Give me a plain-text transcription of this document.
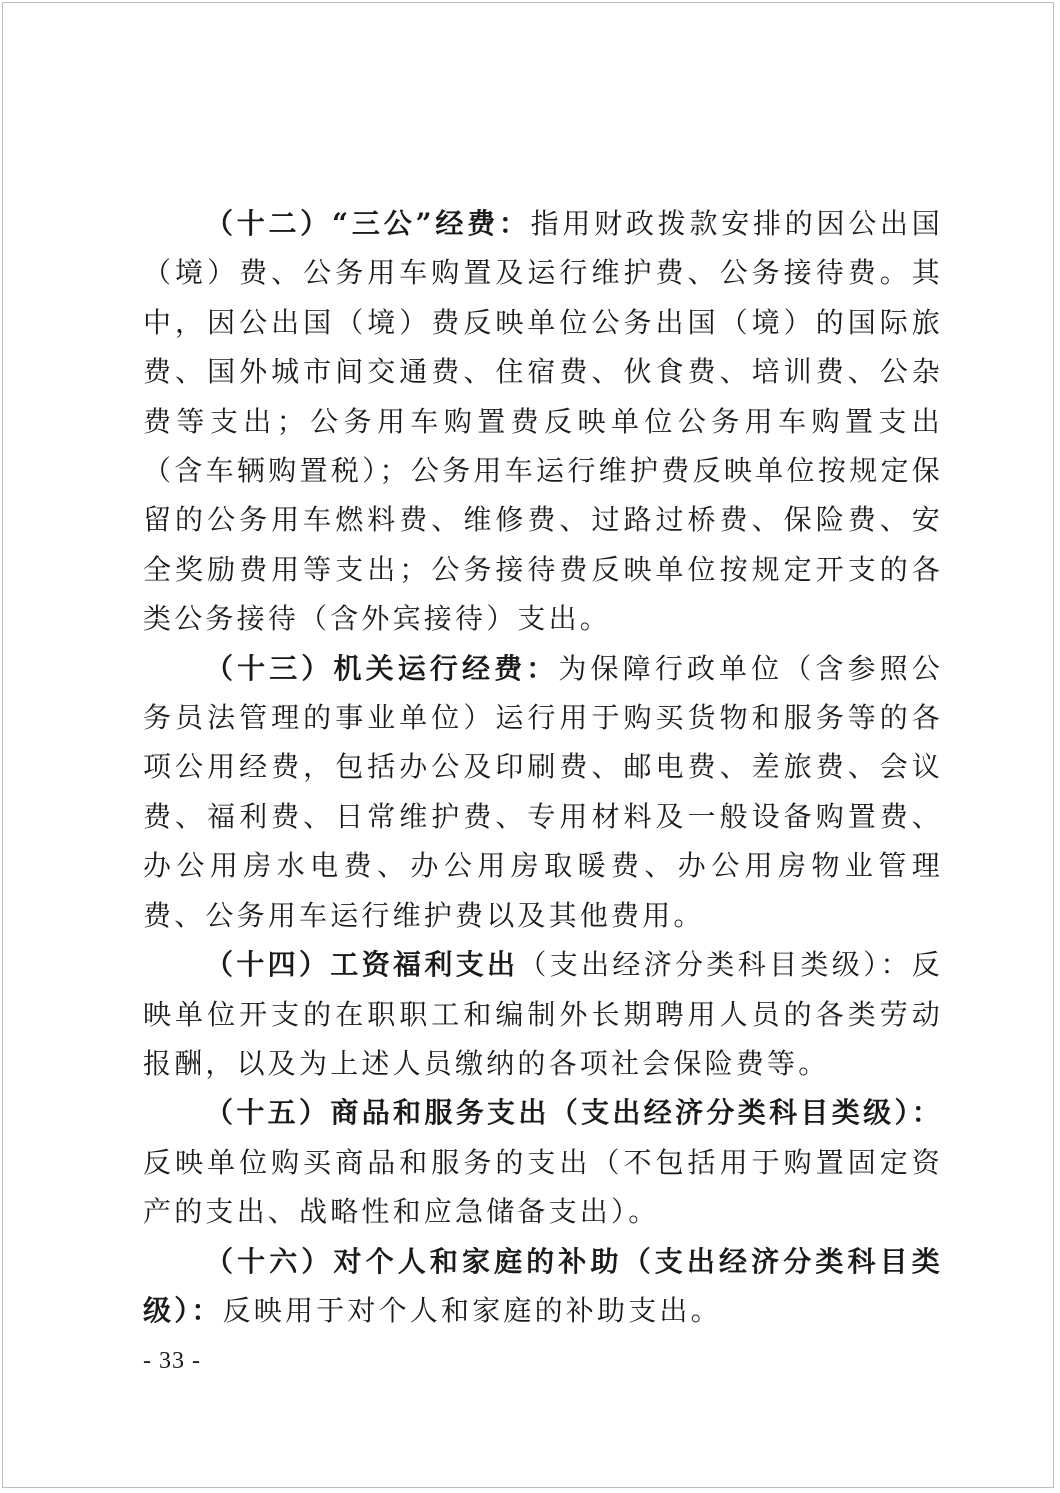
（十二）“三公”经费：指用财政拨款安排的因公出国（境）费、公务用车购置及运行维护费、公务接待费。其中，因公出国（境）费反映单位公务出国（境）的国际旅费、国外城市间交通费、住宿费、伙食费、培训费、公杂费等支出；公务用车购置费反映单位公务用车购置支出（含车辆购置税）；公务用车运行维护费反映单位按规定保留的公务用车燃料费、维修费、过路过桥费、保险费、安全奖励费用等支出；公务接待费反映单位按规定开支的各类公务接待（含外宾接待）支出。

（十三）机关运行经费：为保障行政单位（含参照公务员法管理的事业单位）运行用于购买货物和服务等的各项公用经费，包括办公及印刷费、邮电费、差旅费、会议费、福利费、日常维护费、专用材料及一般设备购置费、办公用房水电费、办公用房取暖费、办公用房物业管理费、公务用车运行维护费以及其他费用。

（十四）工资福利支出（支出经济分类科目类级）：反映单位开支的在职职工和编制外长期聘用人员的各类劳动报酬，以及为上述人员缴纳的各项社会保险费等。

（十五）商品和服务支出（支出经济分类科目类级）：反映单位购买商品和服务的支出（不包括用于购置固定资产的支出、战略性和应急储备支出）。

（十六）对个人和家庭的补助（支出经济分类科目类级）：反映用于对个人和家庭的补助支出。

- 33 -
